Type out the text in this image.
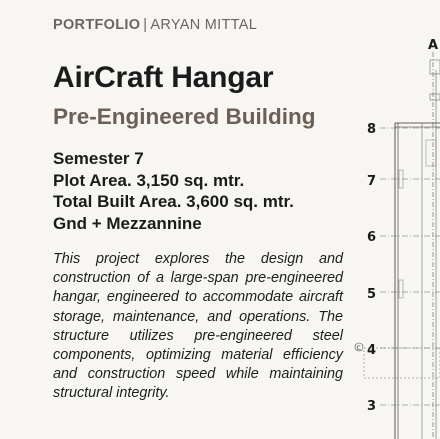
PORTFOLIO | ARYAN MITTAL
AirCraft Hangar
Pre-Engineered Building
Semester 7
Plot Area. 3,150 sq. mtr.
Total Built Area. 3,600 sq. mtr.
Gnd + Mezzannine
This project explores the design and construction of a large-span pre-engineered hangar, engineered to accommodate aircraft storage, maintenance, and operations. The structure utilizes pre-engineered steel components, optimizing material efficiency and construction speed while maintaining structural integrity.
A
C
8
7
6
5
4
3
